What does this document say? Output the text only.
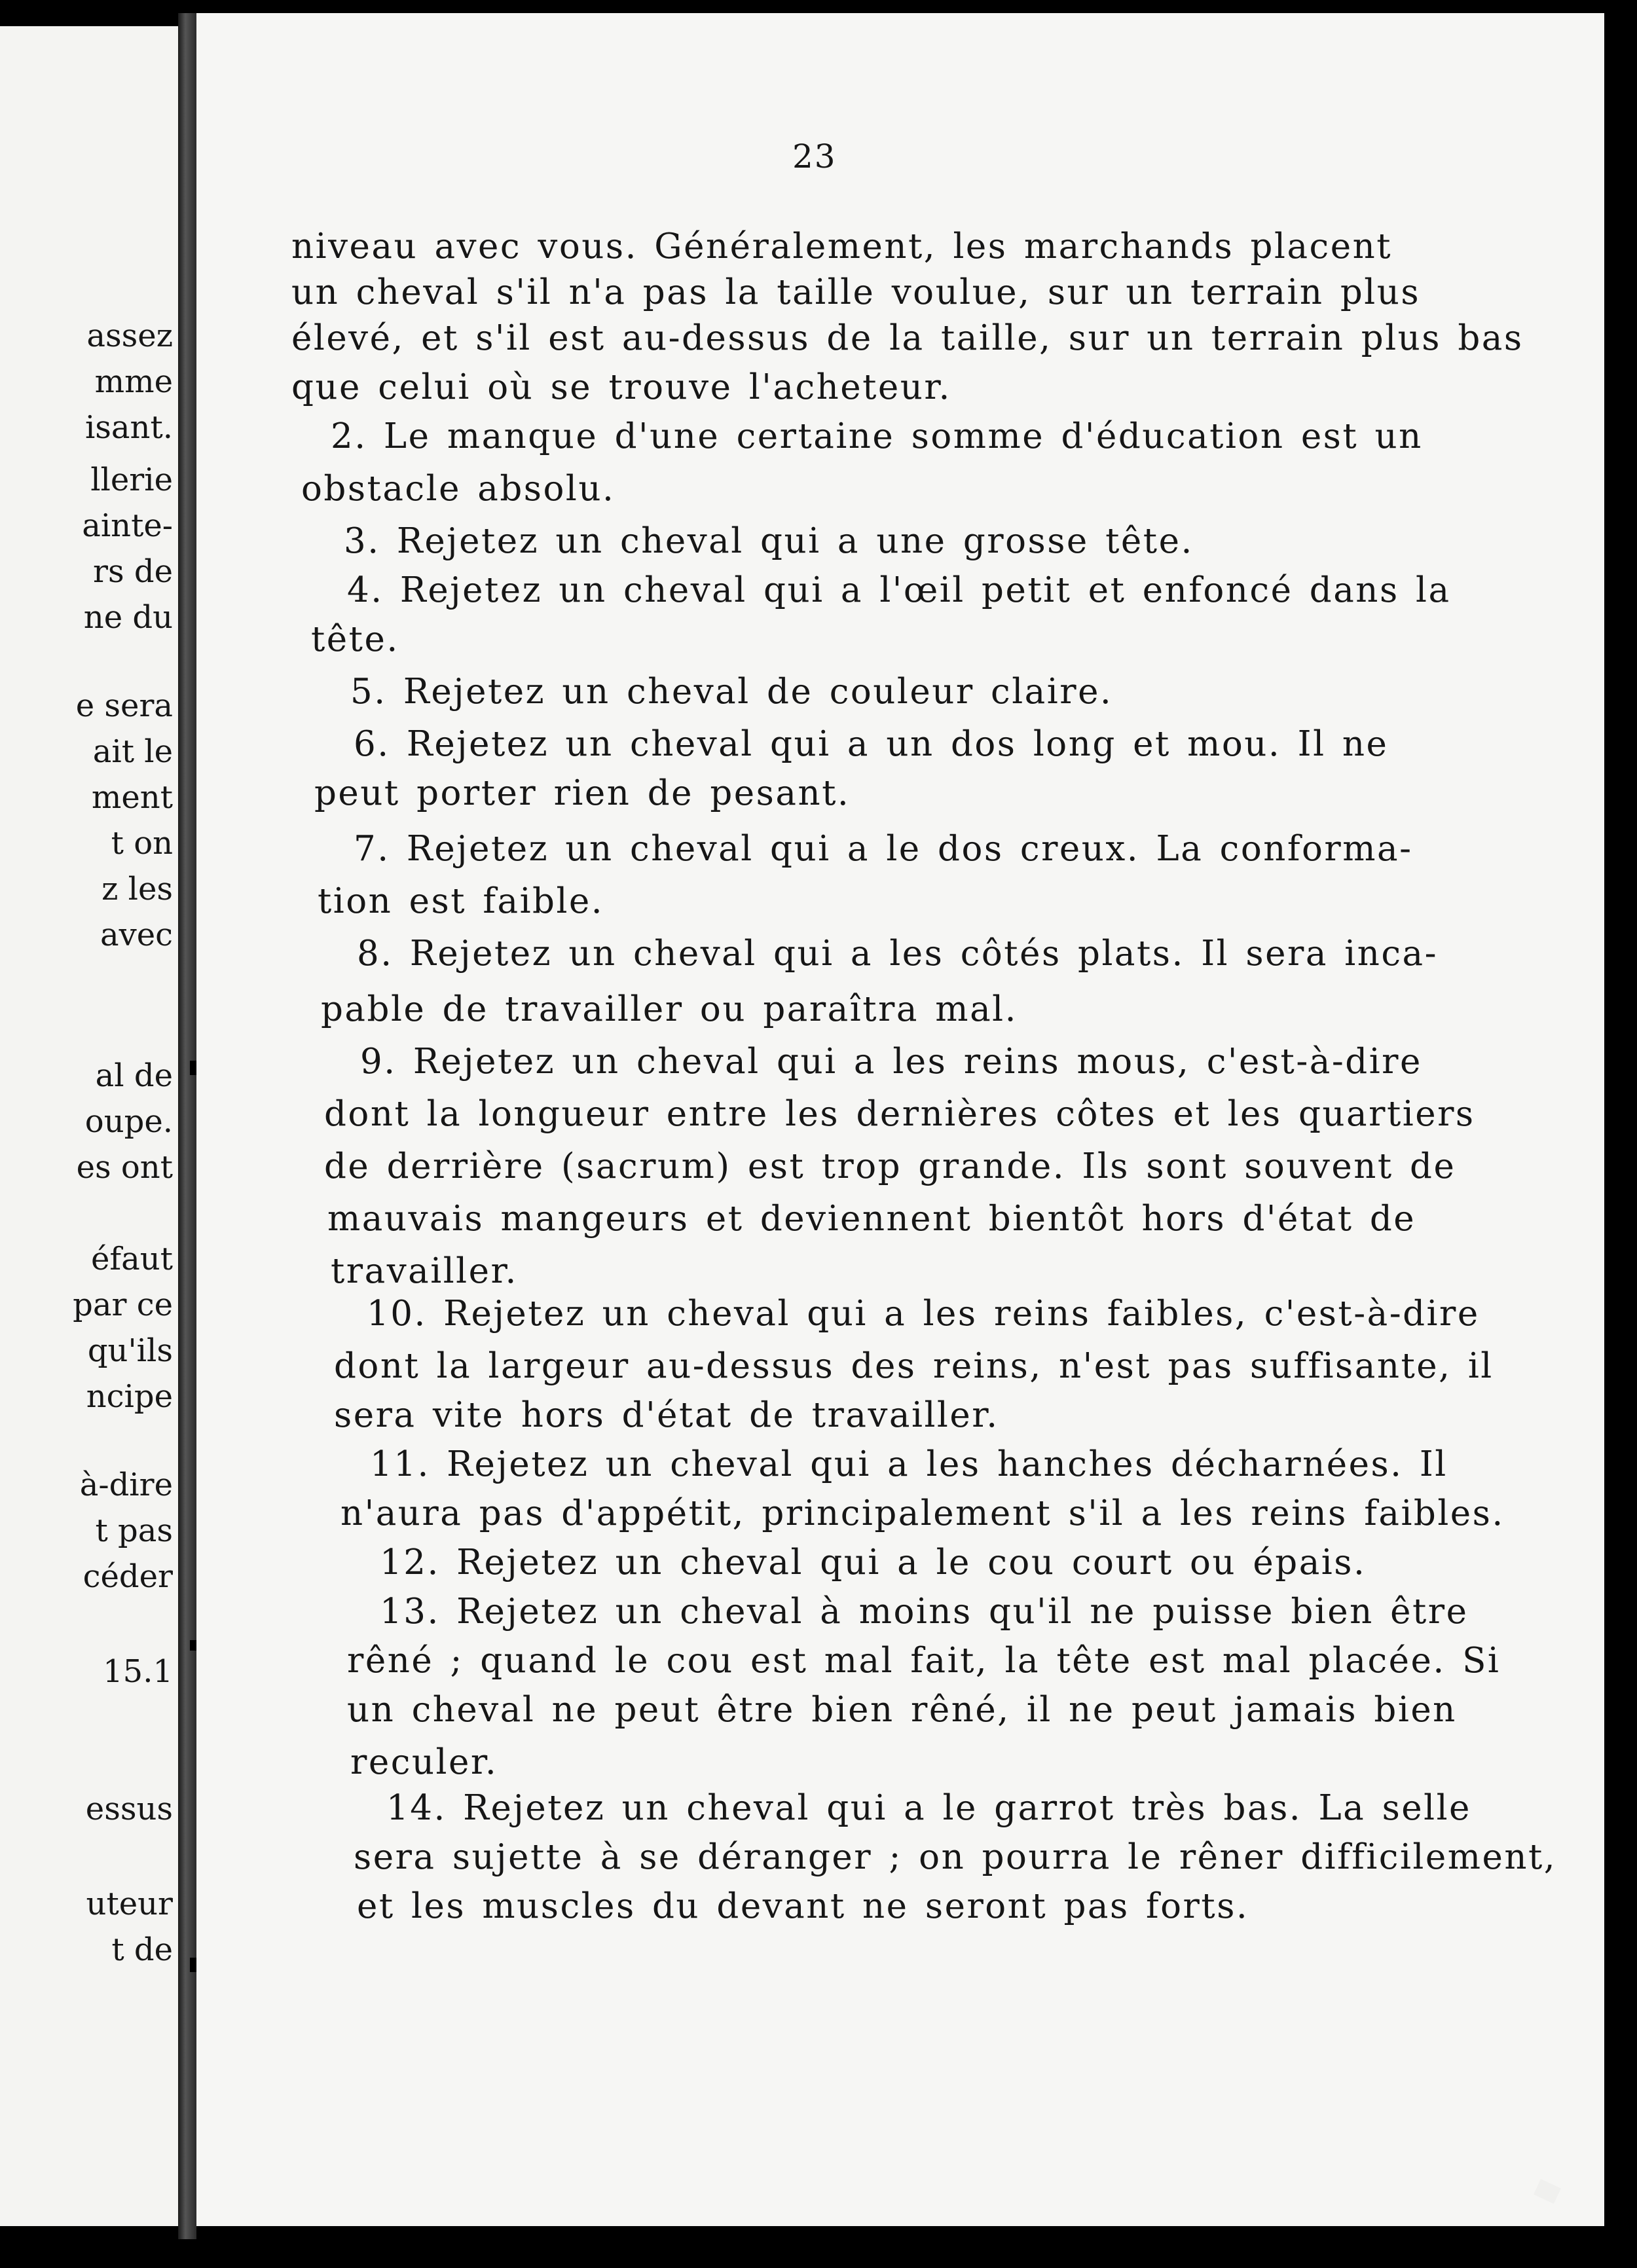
assez
mme
isant.
llerie
ainte-
rs de
ne du
e sera
ait le
ment
t on
z les
avec
al de
oupe.
es ont
éfaut
par ce
qu'ils
ncipe
à-dire
t pas
céder
15.1
essus
uteur
t de
23
niveau avec vous. Généralement, les marchands placent
un cheval s'il n'a pas la taille voulue, sur un terrain plus
élevé, et s'il est au-dessus de la taille, sur un terrain plus bas
que celui où se trouve l'acheteur.
2. Le manque d'une certaine somme d'éducation est un
obstacle absolu.
3. Rejetez un cheval qui a une grosse tête.
4. Rejetez un cheval qui a l'œil petit et enfoncé dans la
tête.
5. Rejetez un cheval de couleur claire.
6. Rejetez un cheval qui a un dos long et mou. Il ne
peut porter rien de pesant.
7. Rejetez un cheval qui a le dos creux. La conforma-
tion est faible.
8. Rejetez un cheval qui a les côtés plats. Il sera inca-
pable de travailler ou paraîtra mal.
9. Rejetez un cheval qui a les reins mous, c'est-à-dire
dont la longueur entre les dernières côtes et les quartiers
de derrière (sacrum) est trop grande. Ils sont souvent de
mauvais mangeurs et deviennent bientôt hors d'état de
travailler.
10. Rejetez un cheval qui a les reins faibles, c'est-à-dire
dont la largeur au-dessus des reins, n'est pas suffisante, il
sera vite hors d'état de travailler.
11. Rejetez un cheval qui a les hanches décharnées. Il
n'aura pas d'appétit, principalement s'il a les reins faibles.
12. Rejetez un cheval qui a le cou court ou épais.
13. Rejetez un cheval à moins qu'il ne puisse bien être
rêné ; quand le cou est mal fait, la tête est mal placée. Si
un cheval ne peut être bien rêné, il ne peut jamais bien
reculer.
14. Rejetez un cheval qui a le garrot très bas. La selle
sera sujette à se déranger ; on pourra le rêner difficilement,
et les muscles du devant ne seront pas forts.
